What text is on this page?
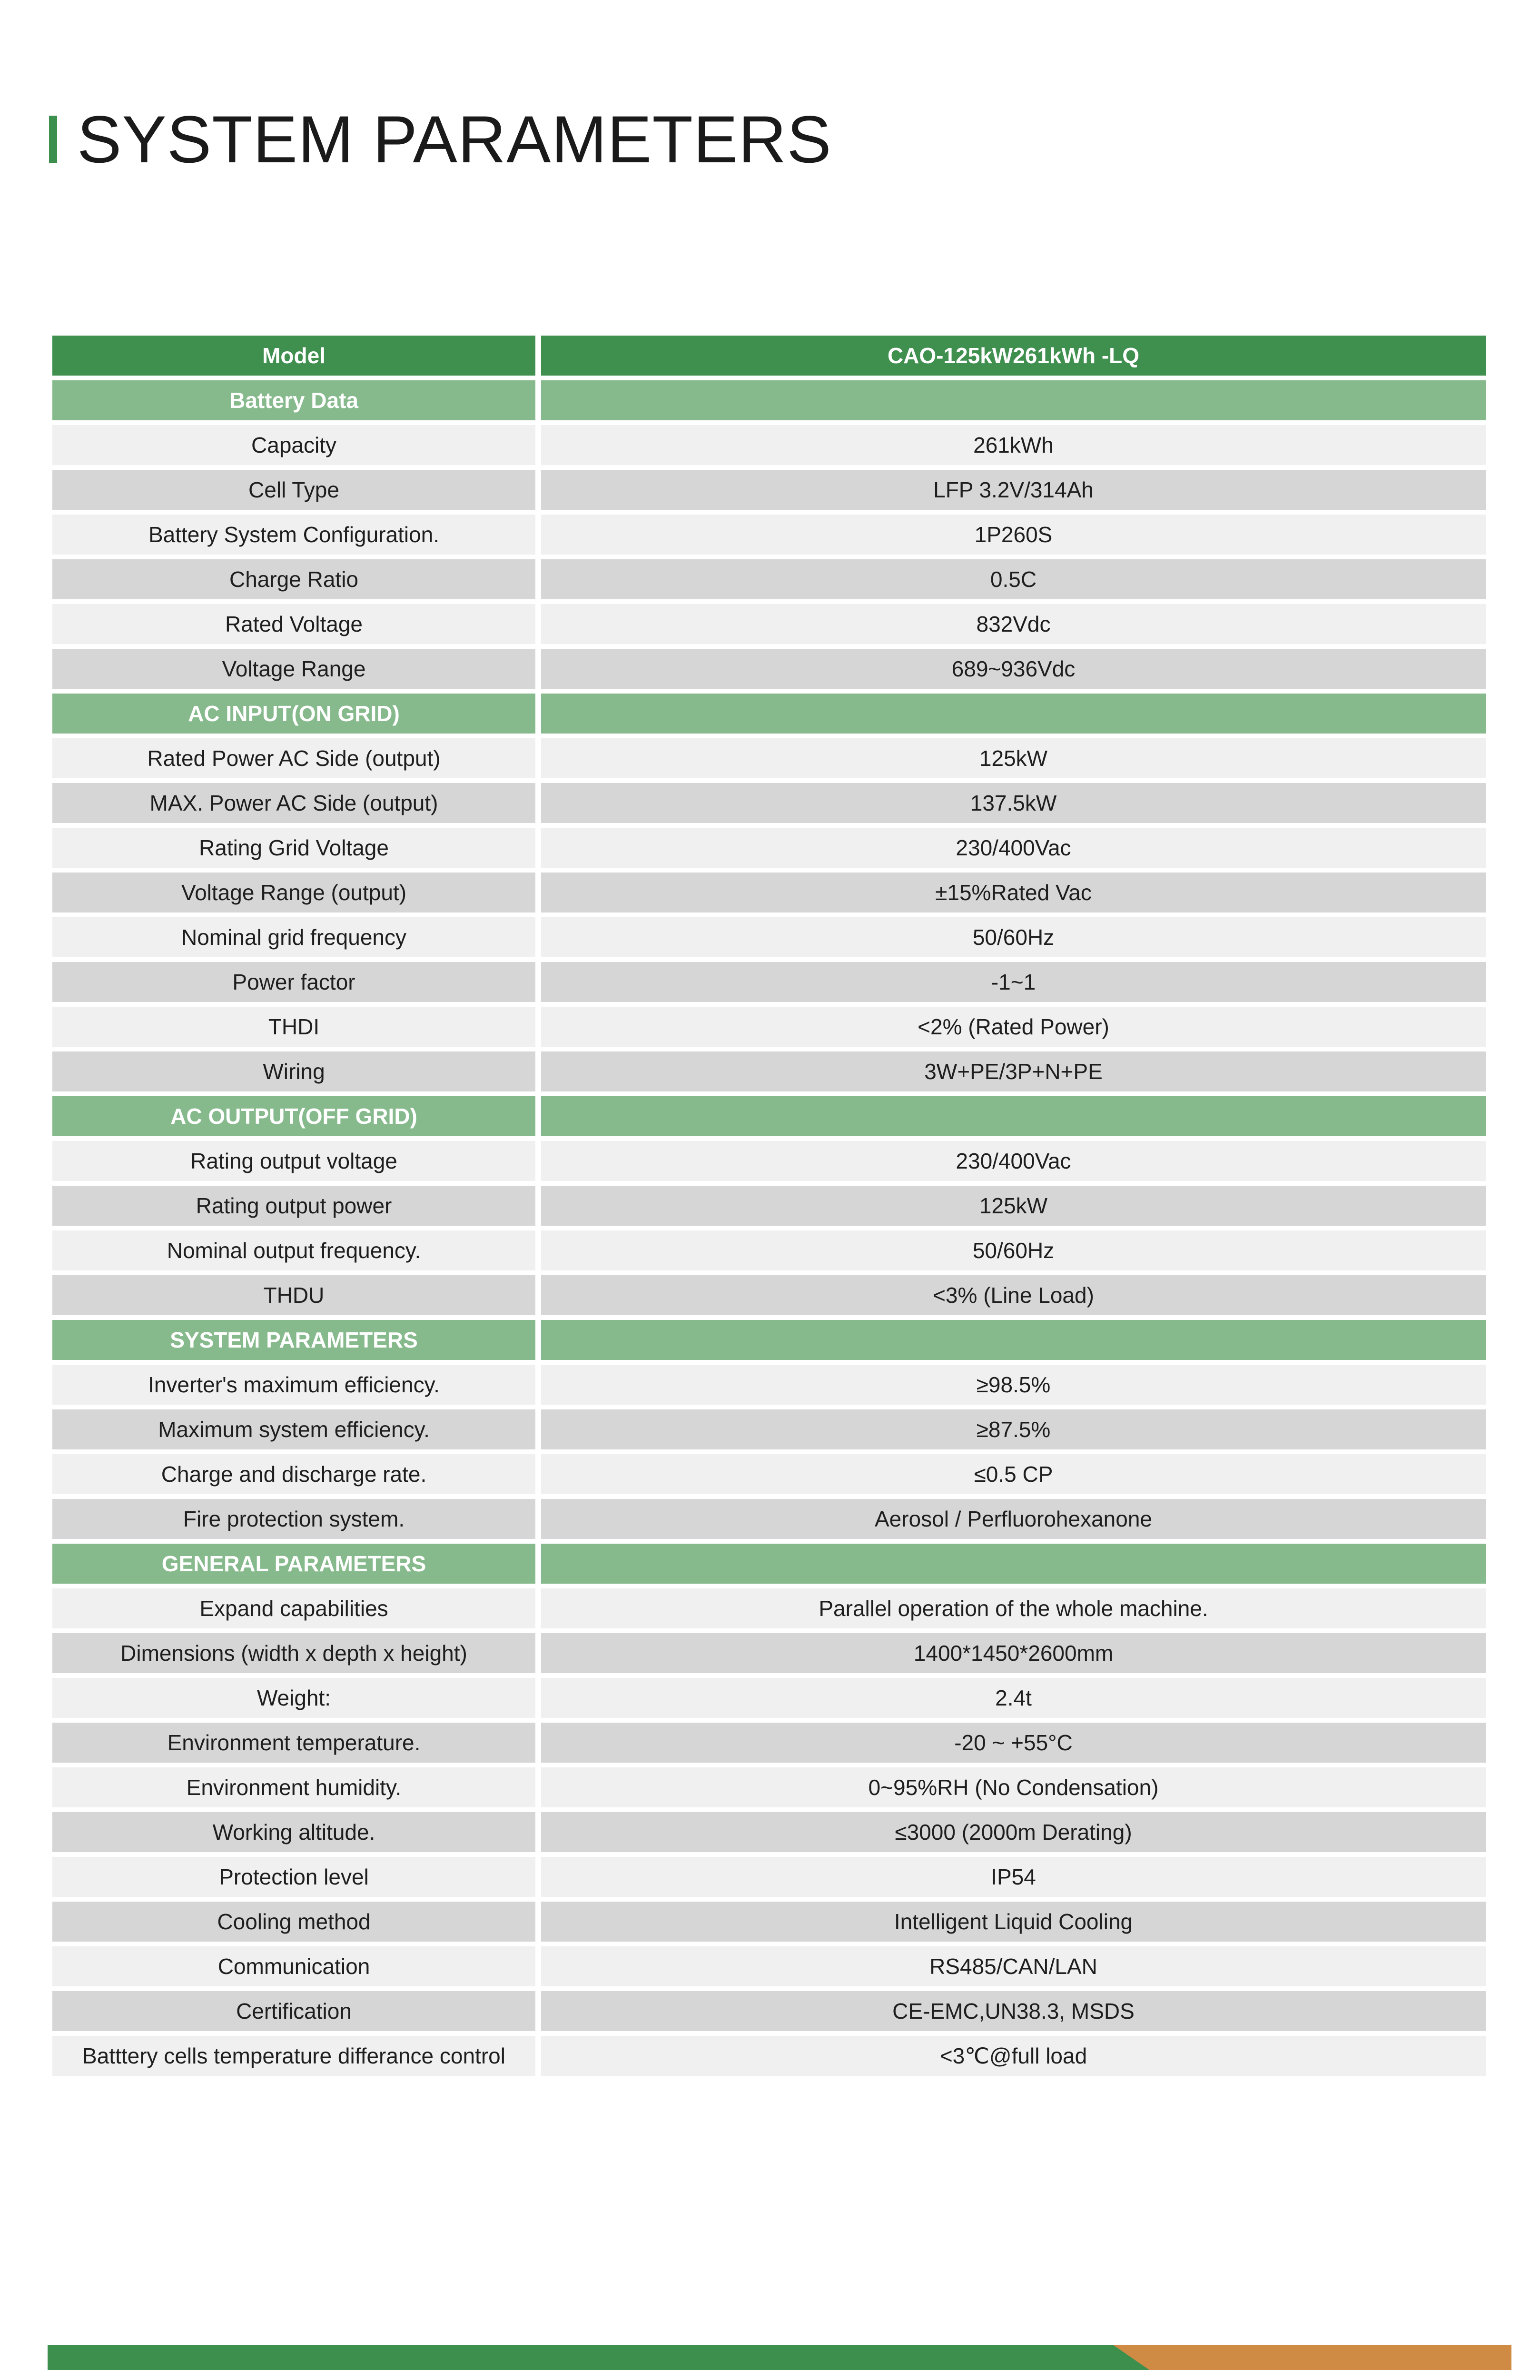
SYSTEM PARAMETERS
Model	CAO-125kW261kWh -LQ
Battery Data
Capacity	261kWh
Cell Type	LFP 3.2V/314Ah
Battery System Configuration.	1P260S
Charge Ratio	0.5C
Rated Voltage	832Vdc
Voltage Range	689~936Vdc
AC INPUT(ON GRID)
Rated Power AC Side (output)	125kW
MAX. Power AC Side (output)	137.5kW
Rating Grid Voltage	230/400Vac
Voltage Range (output)	±15%Rated Vac
Nominal grid frequency	50/60Hz
Power factor	-1~1
THDI	<2% (Rated Power)
Wiring	3W+PE/3P+N+PE
AC OUTPUT(OFF GRID)
Rating output voltage	230/400Vac
Rating output power	125kW
Nominal output frequency.	50/60Hz
THDU	<3% (Line Load)
SYSTEM PARAMETERS
Inverter's maximum efficiency.	≥98.5%
Maximum system efficiency.	≥87.5%
Charge and discharge rate.	≤0.5 CP
Fire protection system.	Aerosol / Perfluorohexanone
GENERAL PARAMETERS
Expand capabilities	Parallel operation of the whole machine.
Dimensions (width x depth x height)	1400*1450*2600mm
Weight:	2.4t
Environment temperature.	-20 ~ +55°C
Environment humidity.	0~95%RH (No Condensation)
Working altitude.	≤3000 (2000m Derating)
Protection level	IP54
Cooling method	Intelligent Liquid Cooling
Communication	RS485/CAN/LAN
Certification	CE-EMC,UN38.3, MSDS
Batttery cells temperature differance control	<3℃@full load
